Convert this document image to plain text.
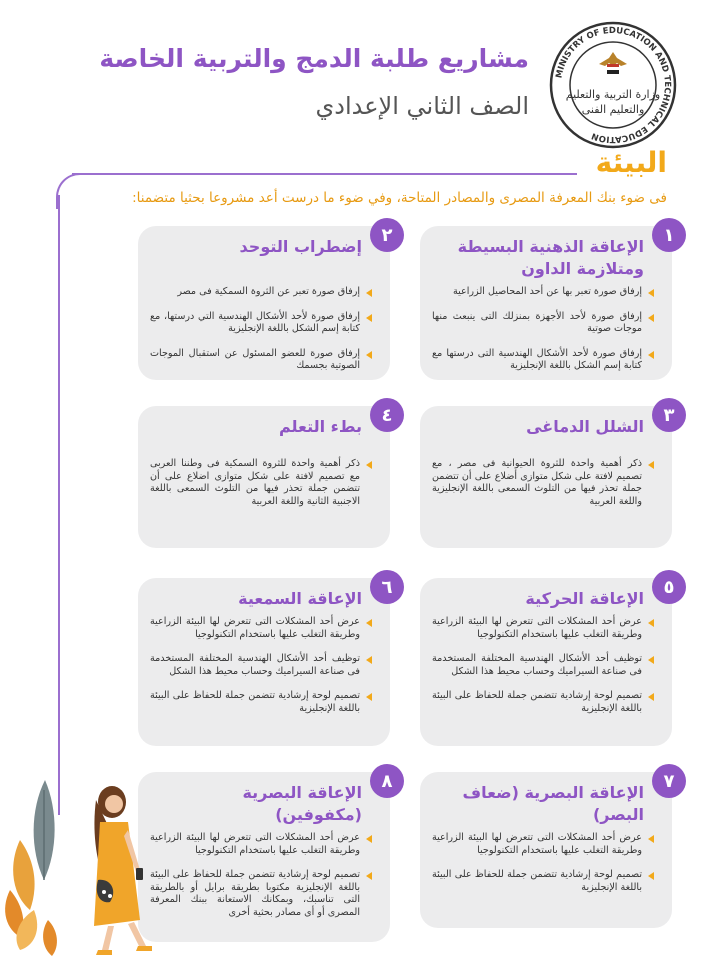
مشاريع طلبة الدمج والتربية الخاصة
الصف الثاني الإعدادي
MINISTRY OF EDUCATION AND TECHNICAL EDUCATION
وزارة التربية والتعليم
والتعليم الفنى
البيئة
فى ضوء بنك المعرفة المصرى والمصادر المتاحة، وفي ضوء ما درست أعد مشروعا بحثيا متضمنا:
١
الإعاقة الذهنية البسيطة ومتلازمة الداون
إرفاق صورة تعبر بها عن أحد المحاصيل الزراعية
إرفاق صورة لأحد الأجهزة بمنزلك التى ينبعث منها موجات صوتية
إرفاق صورة لأحد الأشكال الهندسية التى درستها مع كتابة إسم الشكل باللغة الإنجليزية
٢
إضطراب التوحد
إرفاق صورة تعبر عن الثروة السمكية فى مصر
إرفاق صورة لأحد الأشكال الهندسية التي درستها، مع كتابة إسم الشكل باللغة الإنجليزية
إرفاق صورة للعضو المسئول عن استقبال الموجات الصوتية بجسمك
٣
الشلل الدماغى
ذكر أهمية واحدة للثروة الحيوانية فى مصر ، مع تصميم لافتة على شكل متوازى أضلاع على أن تتضمن جملة تحذر فيها من التلوث السمعى باللغة الإنجليزية واللغة العربية
٤
بطء التعلم
ذكر أهمية واحدة للثروة السمكية فى وطننا العربى مع تصميم لافتة على شكل متوازى اضلاع على أن تتضمن جملة تحذر فيها من التلوث السمعى باللغة الاجنبية الثانية واللغة العربية
٥
الإعاقة الحركية
عرض أحد المشكلات التى تتعرض لها البيئة الزراعية وطريقة التغلب عليها باستخدام التكنولوجيا
توظيف أحد الأشكال الهندسية المختلفة المستخدمة فى صناعة السيراميك وحساب محيط هذا الشكل
تصميم لوحة إرشادية تتضمن جملة للحفاظ على البيئة باللغة الإنجليزية
٦
الإعاقة السمعية
عرض أحد المشكلات التى تتعرض لها البيئة الزراعية وطريقة التغلب عليها باستخدام التكنولوجيا
توظيف أحد الأشكال الهندسية المختلفة المستخدمة فى صناعة السيراميك وحساب محيط هذا الشكل
تصميم لوحة إرشادية تتضمن جملة للحفاظ على البيئة باللغة الإنجليزية
٧
الإعاقة البصرية (ضعاف البصر)
عرض أحد المشكلات التى تتعرض لها البيئة الزراعية وطريقة التغلب عليها باستخدام التكنولوجيا
تصميم لوحة إرشادية تتضمن جملة للحفاظ على البيئة باللغة الإنجليزية
٨
الإعاقة البصرية (مكفوفين)
عرض أحد المشكلات التى تتعرض لها البيئة الزراعية وطريقة التغلب عليها باستخدام التكنولوجيا
تصميم لوحة إرشادية تتضمن جملة للحفاظ على البيئة باللغة الإنجليزية مكتوبا بطريقة برايل أو بالطريقة التى تناسبك، وبمكانك الاستعانة ببنك المعرفة المصرى أو أى مصادر بحثية أخرى
